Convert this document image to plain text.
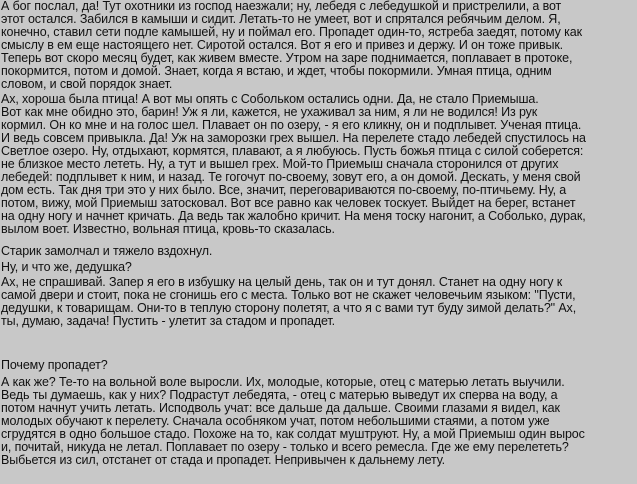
А бог послал, да! Тут охотники из господ наезжали; ну, лебедя с лебедушкой и пристрелили, а вот
этот остался. Забился в камыши и сидит. Летать-то не умеет, вот и спрятался ребячьим делом. Я,
конечно, ставил сети подле камышей, ну и поймал его. Пропадет один-то, ястреба заедят, потому как
смыслу в ем еще настоящего нет. Сиротой остался. Вот я его и привез и держу. И он тоже привык.
Теперь вот скоро месяц будет, как живем вместе. Утром на заре поднимается, поплавает в протоке,
покормится, потом и домой. Знает, когда я встаю, и ждет, чтобы покормили. Умная птица, одним
словом, и свой порядок знает.
Ах, хороша была птица! А вот мы опять с Собольком остались одни. Да, не стало Приемыша.
Вот как мне обидно это, барин! Уж я ли, кажется, не ухаживал за ним, я ли не водился! Из рук
кормил. Он ко мне и на голос шел. Плавает он по озеру, - я его кликну, он и подплывет. Ученая птица.
И ведь совсем привыкла. Да! Уж на заморозки грех вышел. На перелете стадо лебедей спустилось на
Светлое озеро. Ну, отдыхают, кормятся, плавают, а я любуюсь. Пусть божья птица с силой соберется:
не близкое место лететь. Ну, а тут и вышел грех. Мой-то Приемыш сначала сторонился от других
лебедей: подплывет к ним, и назад. Те гогочут по-своему, зовут его, а он домой. Дескать, у меня свой
дом есть. Так дня три это у них было. Все, значит, переговариваются по-своему, по-птичьему. Ну, а
потом, вижу, мой Приемыш затосковал. Вот все равно как человек тоскует. Выйдет на берег, встанет
на одну ногу и начнет кричать. Да ведь так жалобно кричит. На меня тоску нагонит, а Соболько, дурак,
вылом воет. Известно, вольная птица, кровь-то сказалась.
Старик замолчал и тяжело вздохнул.
Ну, и что же, дедушка?
Ах, не спрашивай. Запер я его в избушку на целый день, так он и тут донял. Станет на одну ногу к
самой двери и стоит, пока не сгонишь его с места. Только вот не скажет человечьим языком: "Пусти,
дедушки, к товарищам. Они-то в теплую сторону полетят, а что я с вами тут буду зимой делать?" Ах,
ты, думаю, задача! Пустить - улетит за стадом и пропадет.
Почему пропадет?
А как же? Те-то на вольной воле выросли. Их, молодые, которые, отец с матерью летать выучили.
Ведь ты думаешь, как у них? Подрастут лебедята, - отец с матерью выведут их сперва на воду, а
потом начнут учить летать. Исподволь учат: все дальше да дальше. Своими глазами я видел, как
молодых обучают к перелету. Сначала особняком учат, потом небольшими стаями, а потом уже
сгрудятся в одно большое стадо. Похоже на то, как солдат муштруют. Ну, а мой Приемыш один вырос
и, почитай, никуда не летал. Поплавает по озеру - только и всего ремесла. Где же ему перелететь?
Выбьется из сил, отстанет от стада и пропадет. Непривычен к дальнему лету.
